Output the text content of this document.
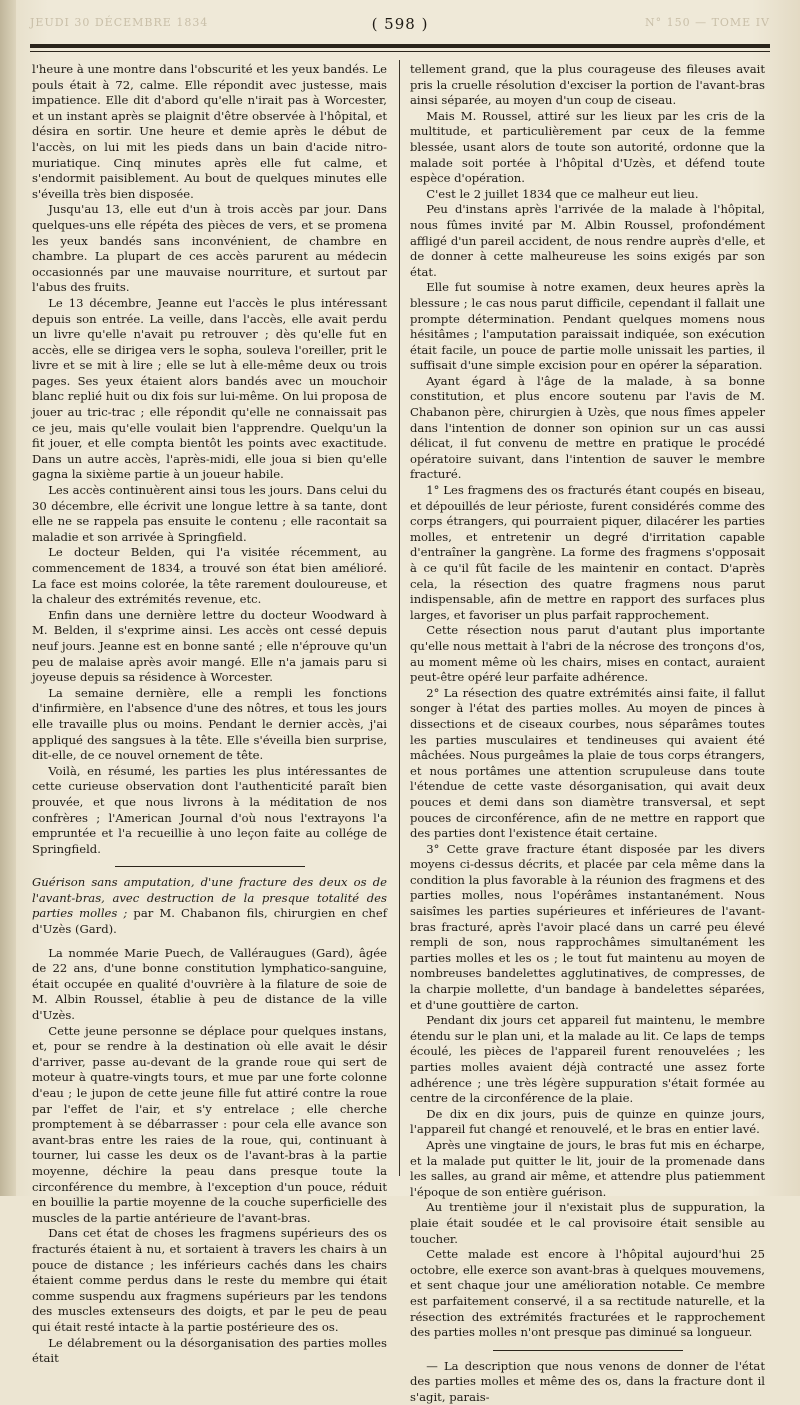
JEUDI 30 DÉCEMBRE 1834	( 598 )	N° 150 — TOME IV

l'heure à une montre dans l'obscurité et les yeux bandés. Le pouls était à 72, calme. Elle répondit avec justesse, mais impatience. Elle dit d'abord qu'elle n'irait pas à Worcester, et un instant après se plaignit d'être observée à l'hôpital, et désira en sortir. Une heure et demie après le début de l'accès, on lui mit les pieds dans un bain d'acide nitro-muriatique. Cinq minutes après elle fut calme, et s'endormit paisiblement. Au bout de quelques minutes elle s'éveilla très bien disposée.

Jusqu'au 13, elle eut d'un à trois accès par jour. Dans quelques-uns elle répéta des pièces de vers, et se promena les yeux bandés sans inconvénient, de chambre en chambre. La plupart de ces accès parurent au médecin occasionnés par une mauvaise nourriture, et surtout par l'abus des fruits.

Le 13 décembre, Jeanne eut l'accès le plus intéressant depuis son entrée. La veille, dans l'accès, elle avait perdu un livre qu'elle n'avait pu retrouver ; dès qu'elle fut en accès, elle se dirigea vers le sopha, souleva l'oreiller, prit le livre et se mit à lire ; elle se lut à elle-même deux ou trois pages. Ses yeux étaient alors bandés avec un mouchoir blanc replié huit ou dix fois sur lui-même. On lui proposa de jouer au tric-trac ; elle répondit qu'elle ne connaissait pas ce jeu, mais qu'elle voulait bien l'apprendre. Quelqu'un la fit jouer, et elle compta bientôt les points avec exactitude. Dans un autre accès, l'après-midi, elle joua si bien qu'elle gagna la sixième partie à un joueur habile.

Les accès continuèrent ainsi tous les jours. Dans celui du 30 décembre, elle écrivit une longue lettre à sa tante, dont elle ne se rappela pas ensuite le contenu ; elle racontait sa maladie et son arrivée à Springfield.

Le docteur Belden, qui l'a visitée récemment, au commencement de 1834, a trouvé son état bien amélioré. La face est moins colorée, la tête rarement douloureuse, et la chaleur des extrémités revenue, etc.

Enfin dans une dernière lettre du docteur Woodward à M. Belden, il s'exprime ainsi. Les accès ont cessé depuis neuf jours. Jeanne est en bonne santé ; elle n'éprouve qu'un peu de malaise après avoir mangé. Elle n'a jamais paru si joyeuse depuis sa résidence à Worcester.

La semaine dernière, elle a rempli les fonctions d'infirmière, en l'absence d'une des nôtres, et tous les jours elle travaille plus ou moins. Pendant le dernier accès, j'ai appliqué des sangsues à la tête. Elle s'éveilla bien surprise, dit-elle, de ce nouvel ornement de tête.

Voilà, en résumé, les parties les plus intéressantes de cette curieuse observation dont l'authenticité paraît bien prouvée, et que nous livrons à la méditation de nos confrères ; l'American Journal d'où nous l'extrayons l'a empruntée et l'a recueillie à uno leçon faite au collége de Springfield.

Guérison sans amputation, d'une fracture des deux os de l'avant-bras, avec destruction de la presque totalité des parties molles ; par M. Chabanon fils, chirurgien en chef d'Uzès (Gard).

La nommée Marie Puech, de Valléraugues (Gard), âgée de 22 ans, d'une bonne constitution lymphatico-sanguine, était occupée en qualité d'ouvrière à la filature de soie de M. Albin Roussel, établie à peu de distance de la ville d'Uzès.

Cette jeune personne se déplace pour quelques instans, et, pour se rendre à la destination où elle avait le désir d'arriver, passe au-devant de la grande roue qui sert de moteur à quatre-vingts tours, et mue par une forte colonne d'eau ; le jupon de cette jeune fille fut attiré contre la roue par l'effet de l'air, et s'y entrelace ; elle cherche promptement à se débarrasser : pour cela elle avance son avant-bras entre les raies de la roue, qui, continuant à tourner, lui casse les deux os de l'avant-bras à la partie moyenne, déchire la peau dans presque toute la circonférence du membre, à l'exception d'un pouce, réduit en bouillie la partie moyenne de la couche superficielle des muscles de la partie antérieure de l'avant-bras.

Dans cet état de choses les fragmens supérieurs des os fracturés étaient à nu, et sortaient à travers les chairs à un pouce de distance ; les inférieurs cachés dans les chairs étaient comme perdus dans le reste du membre qui était comme suspendu aux fragmens supérieurs par les tendons des muscles extenseurs des doigts, et par le peu de peau qui était resté intacte à la partie postérieure des os.

Le délabrement ou la désorganisation des parties molles était

tellement grand, que la plus courageuse des fileuses avait pris la cruelle résolution d'exciser la portion de l'avant-bras ainsi séparée, au moyen d'un coup de ciseau.

Mais M. Roussel, attiré sur les lieux par les cris de la multitude, et particulièrement par ceux de la femme blessée, usant alors de toute son autorité, ordonne que la malade soit portée à l'hôpital d'Uzès, et défend toute espèce d'opération.

C'est le 2 juillet 1834 que ce malheur eut lieu.

Peu d'instans après l'arrivée de la malade à l'hôpital, nous fûmes invité par M. Albin Roussel, profondément affligé d'un pareil accident, de nous rendre auprès d'elle, et de donner à cette malheureuse les soins exigés par son état.

Elle fut soumise à notre examen, deux heures après la blessure ; le cas nous parut difficile, cependant il fallait une prompte détermination. Pendant quelques momens nous hésitâmes ; l'amputation paraissait indiquée, son exécution était facile, un pouce de partie molle unissait les parties, il suffisait d'une simple excision pour en opérer la séparation.

Ayant égard à l'âge de la malade, à sa bonne constitution, et plus encore soutenu par l'avis de M. Chabanon père, chirurgien à Uzès, que nous fîmes appeler dans l'intention de donner son opinion sur un cas aussi délicat, il fut convenu de mettre en pratique le procédé opératoire suivant, dans l'intention de sauver le membre fracturé.

1° Les fragmens des os fracturés étant coupés en biseau, et dépouillés de leur périoste, furent considérés comme des corps étrangers, qui pourraient piquer, dilacérer les parties molles, et entretenir un degré d'irritation capable d'entraîner la gangrène. La forme des fragmens s'opposait à ce qu'il fût facile de les maintenir en contact. D'après cela, la résection des quatre fragmens nous parut indispensable, afin de mettre en rapport des surfaces plus larges, et favoriser un plus parfait rapprochement.

Cette résection nous parut d'autant plus importante qu'elle nous mettait à l'abri de la nécrose des tronçons d'os, au moment même où les chairs, mises en contact, auraient peut-être opéré leur parfaite adhérence.

2° La résection des quatre extrémités ainsi faite, il fallut songer à l'état des parties molles. Au moyen de pinces à dissections et de ciseaux courbes, nous séparâmes toutes les parties musculaires et tendineuses qui avaient été mâchées. Nous purgeâmes la plaie de tous corps étrangers, et nous portâmes une attention scrupuleuse dans toute l'étendue de cette vaste désorganisation, qui avait deux pouces et demi dans son diamètre transversal, et sept pouces de circonférence, afin de ne mettre en rapport que des parties dont l'existence était certaine.

3° Cette grave fracture étant disposée par les divers moyens ci-dessus décrits, et placée par cela même dans la condition la plus favorable à la réunion des fragmens et des parties molles, nous l'opérâmes instantanément. Nous saisîmes les parties supérieures et inférieures de l'avant-bras fracturé, après l'avoir placé dans un carré peu élevé rempli de son, nous rapprochâmes simultanément les parties molles et les os ; le tout fut maintenu au moyen de nombreuses bandelettes agglutinatives, de compresses, de la charpie mollette, d'un bandage à bandelettes séparées, et d'une gouttière de carton.

Pendant dix jours cet appareil fut maintenu, le membre étendu sur le plan uni, et la malade au lit. Ce laps de temps écoulé, les pièces de l'appareil furent renouvelées ; les parties molles avaient déjà contracté une assez forte adhérence ; une très légère suppuration s'était formée au centre de la circonférence de la plaie.

De dix en dix jours, puis de quinze en quinze jours, l'appareil fut changé et renouvelé, et le bras en entier lavé.

Après une vingtaine de jours, le bras fut mis en écharpe, et la malade put quitter le lit, jouir de la promenade dans les salles, au grand air même, et attendre plus patiemment l'époque de son entière guérison.

Au trentième jour il n'existait plus de suppuration, la plaie était soudée et le cal provisoire était sensible au toucher.

Cette malade est encore à l'hôpital aujourd'hui 25 octobre, elle exerce son avant-bras à quelques mouvemens, et sent chaque jour une amélioration notable. Ce membre est parfaitement conservé, il a sa rectitude naturelle, et la résection des extrémités fracturées et le rapprochement des parties molles n'ont presque pas diminué sa longueur.

— La description que nous venons de donner de l'état des parties molles et même des os, dans la fracture dont il s'agit, parais-
